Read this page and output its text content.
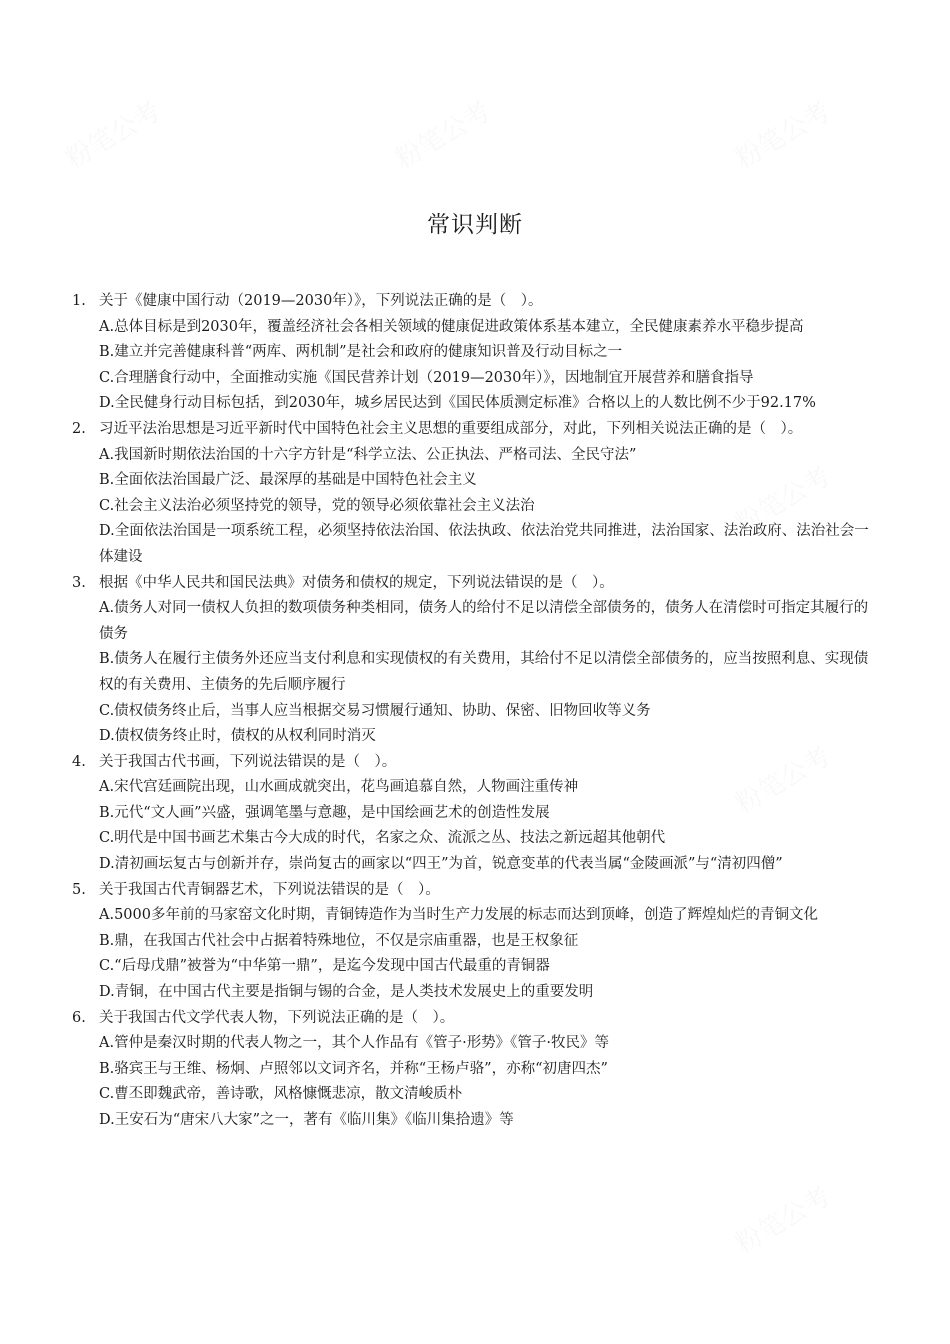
粉笔公考	粉笔公考	粉笔公考
粉笔公考
粉笔公考
粉笔公考
常识判断
1. 关于《健康中国行动（2019—2030年）》，下列说法正确的是（　）。
A.总体目标是到2030年，覆盖经济社会各相关领域的健康促进政策体系基本建立，全民健康素养水平稳步提高
B.建立并完善健康科普“两库、两机制”是社会和政府的健康知识普及行动目标之一
C.合理膳食行动中，全面推动实施《国民营养计划（2019—2030年）》，因地制宜开展营养和膳食指导
D.全民健身行动目标包括，到2030年，城乡居民达到《国民体质测定标准》合格以上的人数比例不少于92.17%
2. 习近平法治思想是习近平新时代中国特色社会主义思想的重要组成部分，对此，下列相关说法正确的是（　）。
A.我国新时期依法治国的十六字方针是“科学立法、公正执法、严格司法、全民守法”
B.全面依法治国最广泛、最深厚的基础是中国特色社会主义
C.社会主义法治必须坚持党的领导，党的领导必须依靠社会主义法治
D.全面依法治国是一项系统工程，必须坚持依法治国、依法执政、依法治党共同推进，法治国家、法治政府、法治社会一体建设
3. 根据《中华人民共和国民法典》对债务和债权的规定，下列说法错误的是（　）。
A.债务人对同一债权人负担的数项债务种类相同，债务人的给付不足以清偿全部债务的，债务人在清偿时可指定其履行的债务
B.债务人在履行主债务外还应当支付利息和实现债权的有关费用，其给付不足以清偿全部债务的，应当按照利息、实现债权的有关费用、主债务的先后顺序履行
C.债权债务终止后，当事人应当根据交易习惯履行通知、协助、保密、旧物回收等义务
D.债权债务终止时，债权的从权利同时消灭
4. 关于我国古代书画，下列说法错误的是（　）。
A.宋代宫廷画院出现，山水画成就突出，花鸟画追慕自然，人物画注重传神
B.元代“文人画”兴盛，强调笔墨与意趣，是中国绘画艺术的创造性发展
C.明代是中国书画艺术集古今大成的时代，名家之众、流派之丛、技法之新远超其他朝代
D.清初画坛复古与创新并存，崇尚复古的画家以“四王”为首，锐意变革的代表当属“金陵画派”与“清初四僧”
5. 关于我国古代青铜器艺术，下列说法错误的是（　）。
A.5000多年前的马家窑文化时期，青铜铸造作为当时生产力发展的标志而达到顶峰，创造了辉煌灿烂的青铜文化
B.鼎，在我国古代社会中占据着特殊地位，不仅是宗庙重器，也是王权象征
C.“后母戊鼎”被誉为“中华第一鼎”，是迄今发现中国古代最重的青铜器
D.青铜，在中国古代主要是指铜与锡的合金，是人类技术发展史上的重要发明
6. 关于我国古代文学代表人物，下列说法正确的是（　）。
A.管仲是秦汉时期的代表人物之一，其个人作品有《管子·形势》《管子·牧民》等
B.骆宾王与王维、杨炯、卢照邻以文词齐名，并称“王杨卢骆”，亦称“初唐四杰”
C.曹丕即魏武帝，善诗歌，风格慷慨悲凉，散文清峻质朴
D.王安石为“唐宋八大家”之一，著有《临川集》《临川集拾遗》等
